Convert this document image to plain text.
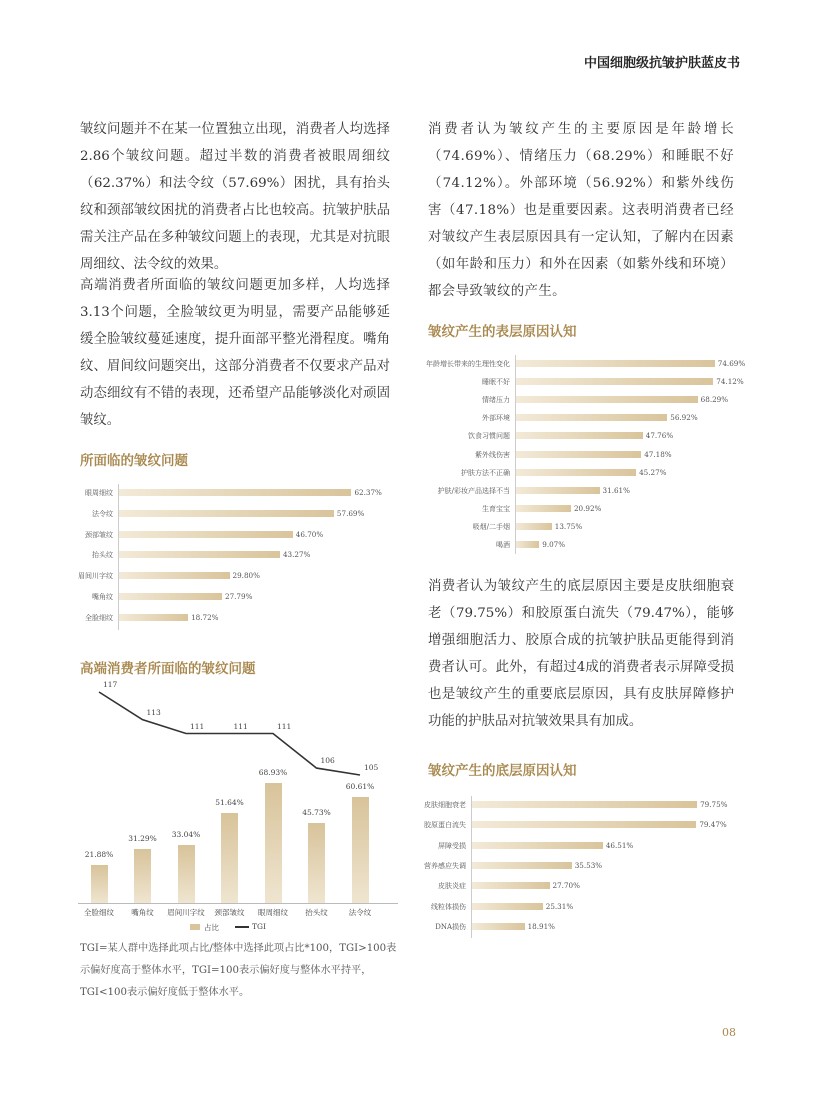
中国细胞级抗皱护肤蓝皮书

皱纹问题并不在某一位置独立出现，消费者人均选择2.86个皱纹问题。超过半数的消费者被眼周细纹（62.37%）和法令纹（57.69%）困扰，具有抬头纹和颈部皱纹困扰的消费者占比也较高。抗皱护肤品需关注产品在多种皱纹问题上的表现，尤其是对抗眼周细纹、法令纹的效果。

高端消费者所面临的皱纹问题更加多样，人均选择3.13个问题，全脸皱纹更为明显，需要产品能够延缓全脸皱纹蔓延速度，提升面部平整光滑程度。嘴角纹、眉间纹问题突出，这部分消费者不仅要求产品对动态细纹有不错的表现，还希望产品能够淡化对顽固皱纹。

所面临的皱纹问题
高端消费者所面临的皱纹问题

TGI=某人群中选择此项占比/整体中选择此项占比*100，TGI>100表示偏好度高于整体水平，TGI=100表示偏好度与整体水平持平，TGI<100表示偏好度低于整体水平。

消费者认为皱纹产生的主要原因是年龄增长（74.69%）、情绪压力（68.29%）和睡眠不好（74.12%）。外部环境（56.92%）和紫外线伤害（47.18%）也是重要因素。这表明消费者已经对皱纹产生表层原因具有一定认知，了解内在因素（如年龄和压力）和外在因素（如紫外线和环境）都会导致皱纹的产生。

皱纹产生的表层原因认知

消费者认为皱纹产生的底层原因主要是皮肤细胞衰老（79.75%）和胶原蛋白流失（79.47%），能够增强细胞活力、胶原合成的抗皱护肤品更能得到消费者认可。此外，有超过4成的消费者表示屏障受损也是皱纹产生的重要底层原因，具有皮肤屏障修护功能的护肤品对抗皱效果具有加成。

皱纹产生的底层原因认知
08
眼周细纹	62.37%
法令纹	57.69%
颈部皱纹	46.70%
抬头纹	43.27%
眉间川字纹	29.80%
嘴角纹	27.79%
全脸细纹	18.72%
年龄增长带来的生理性变化	74.69%
睡眠不好	74.12%
情绪压力	68.29%
外部环境	56.92%
饮食习惯问题	47.76%
紫外线伤害	47.18%
护肤方法不正确	45.27%
护肤/彩妆产品选择不当	31.61%
生育宝宝	20.92%
吸烟/二手烟	13.75%
喝酒	9.07%
皮肤细胞衰老	79.75%
胶原蛋白流失	79.47%
屏障受损	46.51%
营养感应失调	35.53%
皮肤炎症	27.70%
线粒体损伤	25.31%
DNA损伤	18.91%
21.88%
全脸细纹
117
31.29%
嘴角纹
113
33.04%
眉间川字纹
111
51.64%
颈部皱纹
111
68.93%
眼周细纹
111
45.73%
抬头纹
106
60.61%
法令纹
105
占比	TGI
